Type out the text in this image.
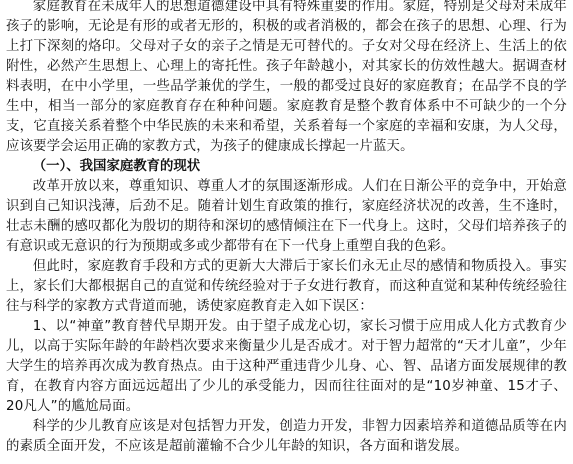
家庭教育在未成年人的思想道德建设中具有特殊重要的作用。家庭，特别是父母对未成年孩子的影响，无论是有形的或者无形的，积极的或者消极的，都会在孩子的思想、心理、行为上打下深刻的烙印。父母对子女的亲子之情是无可替代的。子女对父母在经济上、生活上的依附性，必然产生思想上、心理上的寄托性。孩子年龄越小，对其家长的仿效性越大。据调查材料表明，在中小学里，一些品学兼优的学生，一般的都受过良好的家庭教育；在品学不良的学生中，相当一部分的家庭教育存在种种问题。家庭教育是整个教育体系中不可缺少的一个分支，它直接关系着整个中华民族的未来和希望，关系着每一个家庭的幸福和安康，为人父母，应该要学会运用正确的家教方式，为孩子的健康成长撑起一片蓝天。

（一）、我国家庭教育的现状

改革开放以来，尊重知识、尊重人才的氛围逐渐形成。人们在日渐公平的竞争中，开始意识到自己知识浅薄，后劲不足。随着计划生育政策的推行，家庭经济状况的改善，生不逢时，壮志未酬的感叹都化为殷切的期待和深切的感情倾注在下一代身上。这时，父母们培养孩子的有意识或无意识的行为预期或多或少都带有在下一代身上重塑自我的色彩。

但此时，家庭教育手段和方式的更新大大滞后于家长们永无止尽的感情和物质投入。事实上，家长们大都根据自己的直觉和传统经验对于子女进行教育，而这种直觉和某种传统经验往往与科学的家教方式背道而驰，诱使家庭教育走入如下误区：

1、以“神童”教育替代早期开发。由于望子成龙心切，家长习惯于应用成人化方式教育少儿，以高于实际年龄的年龄档次要求来衡量少儿是否成才。对于智力超常的“天才儿童”，少年大学生的培养再次成为教育热点。由于这种严重违背少儿身、心、智、品诸方面发展规律的教育，在教育内容方面远远超出了少儿的承受能力，因而往往面对的是“10岁神童、15才子、20凡人”的尴尬局面。

科学的少儿教育应该是对包括智力开发，创造力开发，非智力因素培养和道德品质等在内的素质全面开发，不应该是超前灌输不合少儿年龄的知识，各方面和谐发展。
